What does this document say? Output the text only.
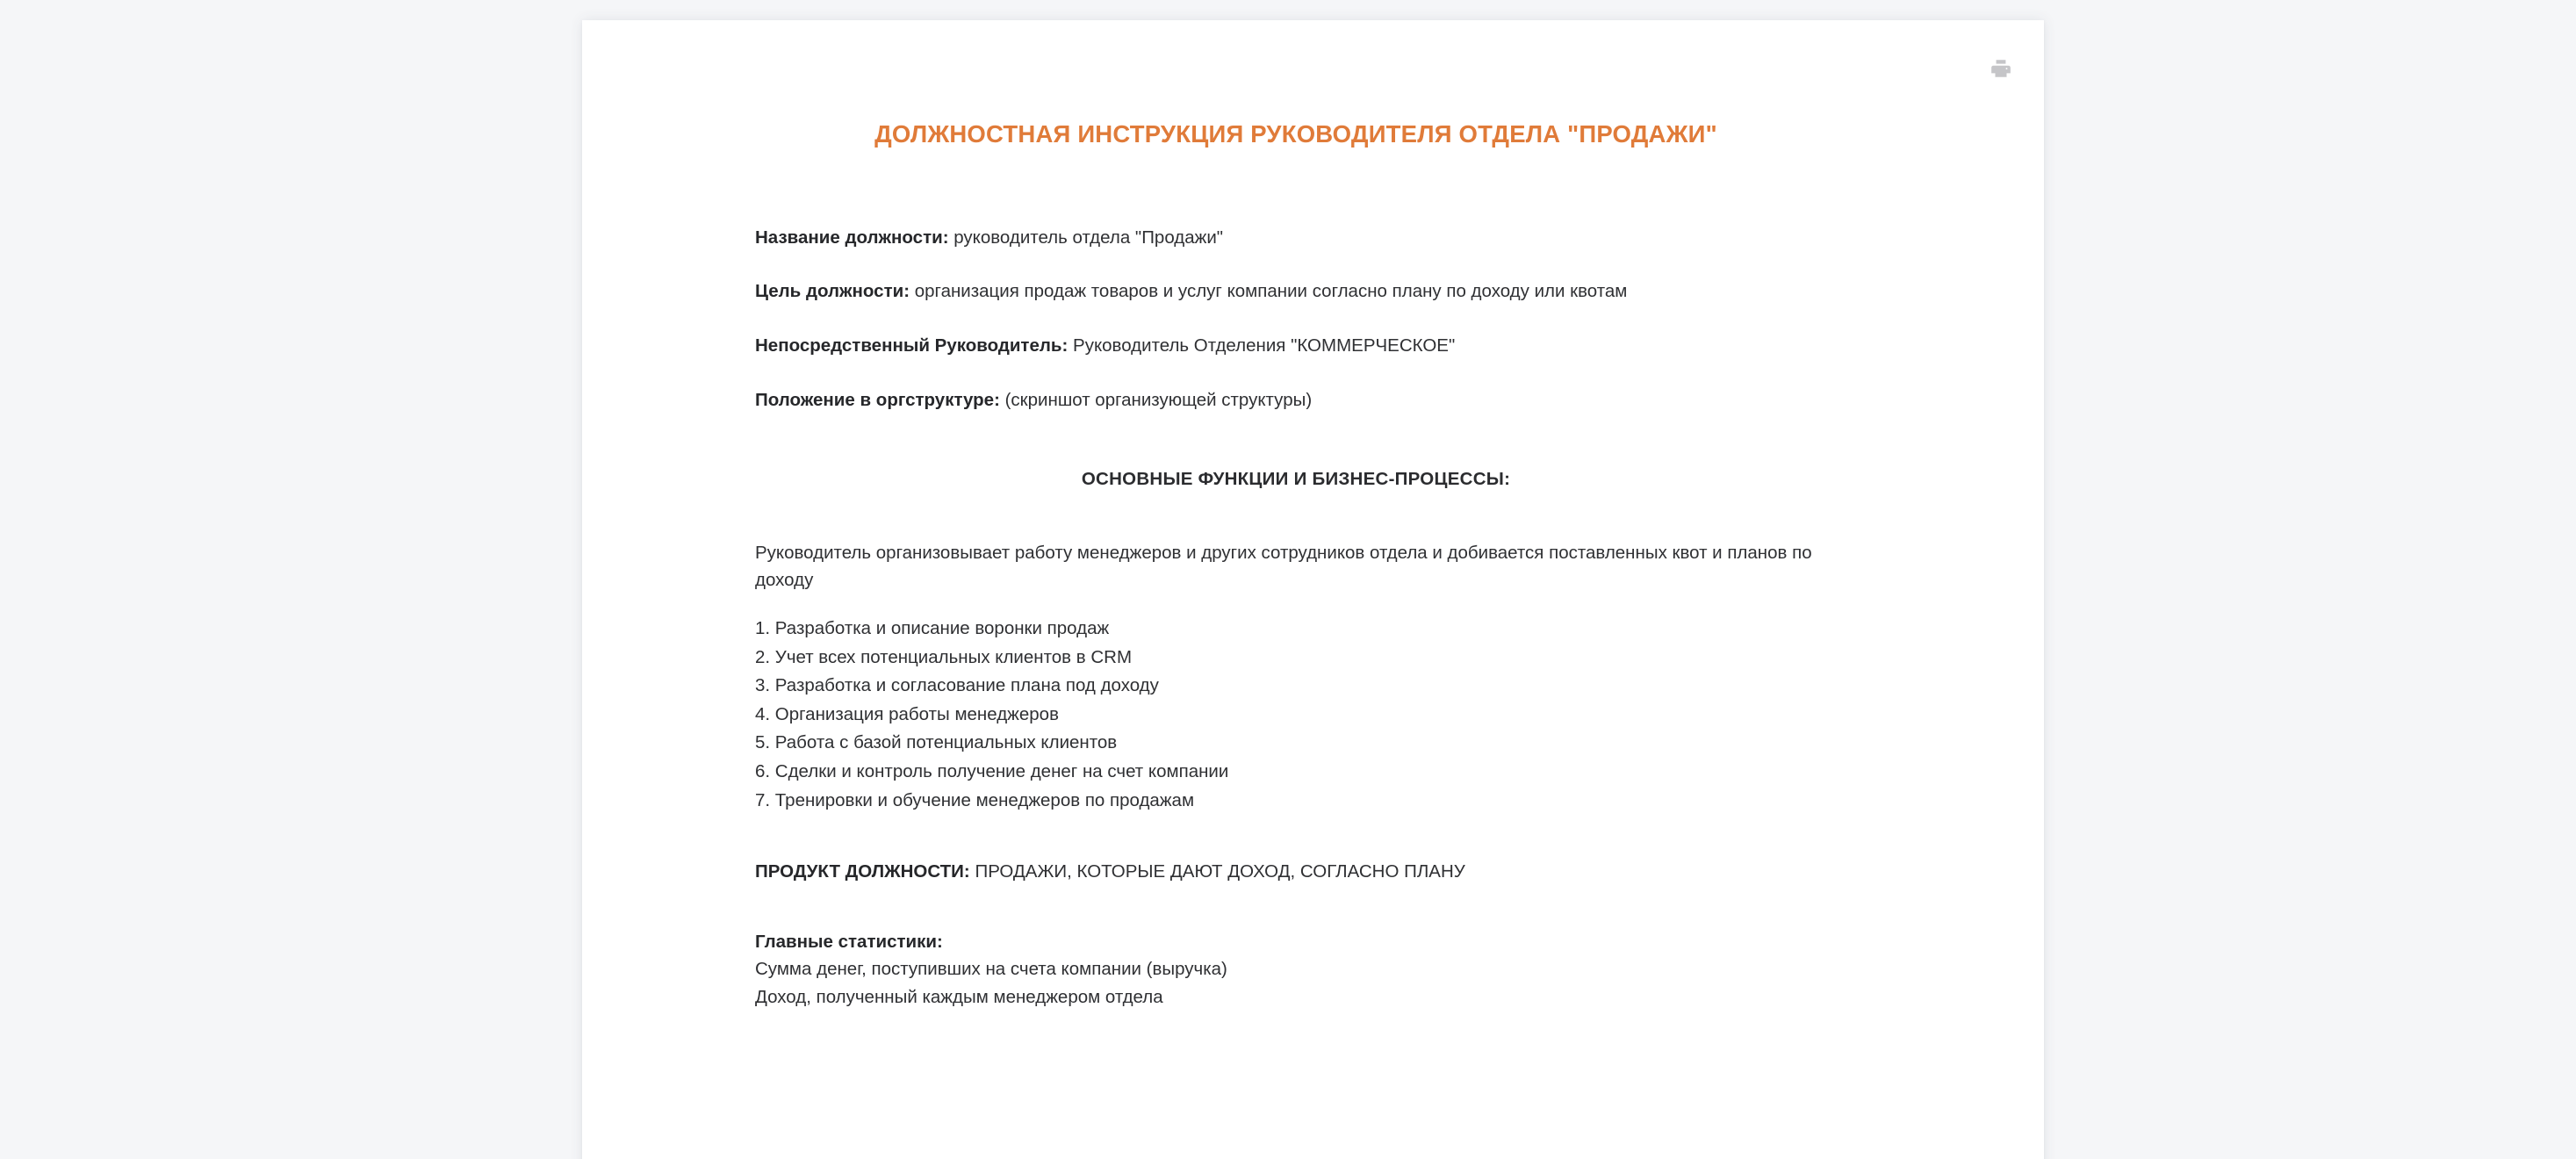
ДОЛЖНОСТНАЯ ИНСТРУКЦИЯ РУКОВОДИТЕЛЯ ОТДЕЛА "ПРОДАЖИ"

Название должности: руководитель отдела "Продажи"

Цель должности: организация продаж товаров и услуг компании согласно плану по доходу или квотам

Непосредственный Руководитель: Руководитель Отделения "КОММЕРЧЕСКОЕ"

Положение в оргструктуре: (скриншот организующей структуры)

ОСНОВНЫЕ ФУНКЦИИ И БИЗНЕС-ПРОЦЕССЫ:

Руководитель организовывает работу менеджеров и других сотрудников отдела и добивается поставленных квот и планов по доходу

1. Разработка и описание воронки продаж
2. Учет всех потенциальных клиентов в CRM
3. Разработка и согласование плана под доходу
4. Организация работы менеджеров
5. Работа с базой потенциальных клиентов
6. Сделки и контроль получение денег на счет компании
7. Тренировки и обучение менеджеров по продажам

ПРОДУКТ ДОЛЖНОСТИ: ПРОДАЖИ, КОТОРЫЕ ДАЮТ ДОХОД, СОГЛАСНО ПЛАНУ

Главные статистики:
Сумма денег, поступивших на счета компании (выручка)
Доход, полученный каждым менеджером отдела
